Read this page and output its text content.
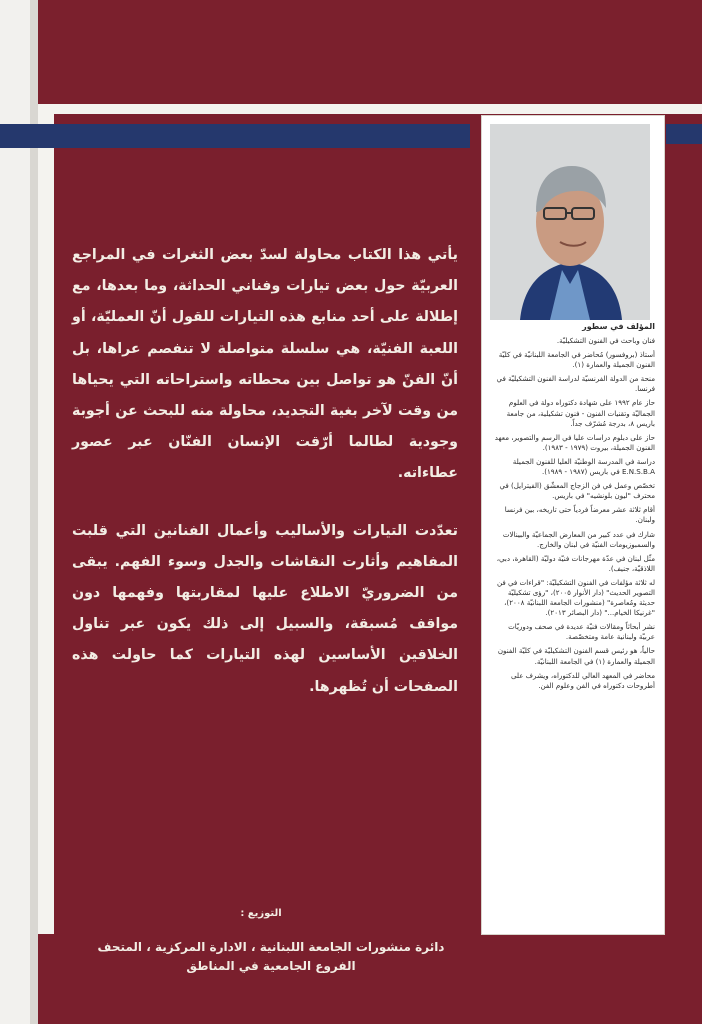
يأتي هذا الكتاب محاولة لسدّ بعض الثغرات في المراجع العربيّة حول بعض تيارات وفناني الحداثة، وما بعدها، مع إطلالة على أحد منابع هذه التيارات للقول أنّ العمليّة، أو اللعبة الفنيّة، هي سلسلة متواصلة لا تنفصم عراها، بل أنّ الفنّ هو تواصل بين محطاته واستراحاته التي يحياها من وقت لآخر بغية التجديد، محاولة منه للبحث عن أجوبة وجودية لطالما أرّقت الإنسان الفنّان عبر عصور عطاءاته.

تعدّدت التيارات والأساليب وأعمال الفنانين التي قلبت المفاهيم وأثارت النقاشات والجدل وسوء الفهم. يبقى من الضروريّ الاطلاع عليها لمقاربتها وفهمها دون مواقف مُسبقة، والسبيل إلى ذلك يكون عبر تناول الخلاقين الأساسين لهذه التيارات كما حاولت هذه الصفحات أن تُظهرها.

المؤلف في سطور

فنان وباحث في الفنون التشكيليّة.

أستاذ (بروفسور) مُحاضر في الجامعة اللبنانيّة في كليّة الفنون الجميلة والعمارة (١).

منحة من الدولة الفرنسيّة لدراسة الفنون التشكيليّة في فرنسا.

حاز عام ١٩٩٢ على شهادة دكتوراه دولة في العلوم الجماليّة وتقنيات الفنون - فنون تشكيلية، من جامعة باريس ٨، بدرجة مُشرّف جداً.

حاز على دبلوم دراسات عليا في الرسم والتصوير، معهد الفنون الجميلة، بيروت (١٩٧٩ - ١٩٨٣).

دراسة في المدرسة الوطنيّة العليا للفنون الجميلة E.N.S.B.A في باريس (١٩٨٧ - ١٩٨٩).

تخصّص وعمل في فن الزجاج المعشّق (الفيترايل) في محترف "ليون بلونشيه" في باريس.

أقام ثلاثة عشر معرضاً فردياً حتى تاريخه، بين فرنسا ولبنان.

شارك في عدد كبير من المعارض الجماعيّة والبينالات والسمبوزيومات الفنيّة في لبنان والخارج.

مثّل لبنان في عدّة مهرجانات فنيّة دوليّة (القاهرة، دبي، اللاذقيّة، جنيف).

له ثلاثة مؤلفات في الفنون التشكيليّة: "قراءات في فن التصوير الحديث" (دار الأنوار ٢٠٠٥)، "رؤى تشكيليّة حديثة ومُعاصرة" (منشورات الجامعة اللبنانيّة ٢٠٠٨)، "غرنيكا الخيام..." (دار البصائر ٢٠١٣).

نشر أبحاثاً ومقالات فنيّة عديدة في صحف ودوريّات عربيّة ولبنانية عامة ومتخصّصة.

حالياً، هو رئيس قسم الفنون التشكيليّة في كليّة الفنون الجميلة والعمارة (١) في الجامعة اللبنانيّة.

محاضر في المعهد العالي للدكتوراه، ويشرف على أطروحات دكتوراه في الفن وعلوم الفن.

التوزيع :
دائرة منشورات الجامعة اللبنانية ، الادارة المركزية ، المتحف
الفروع الجامعية في المناطق
